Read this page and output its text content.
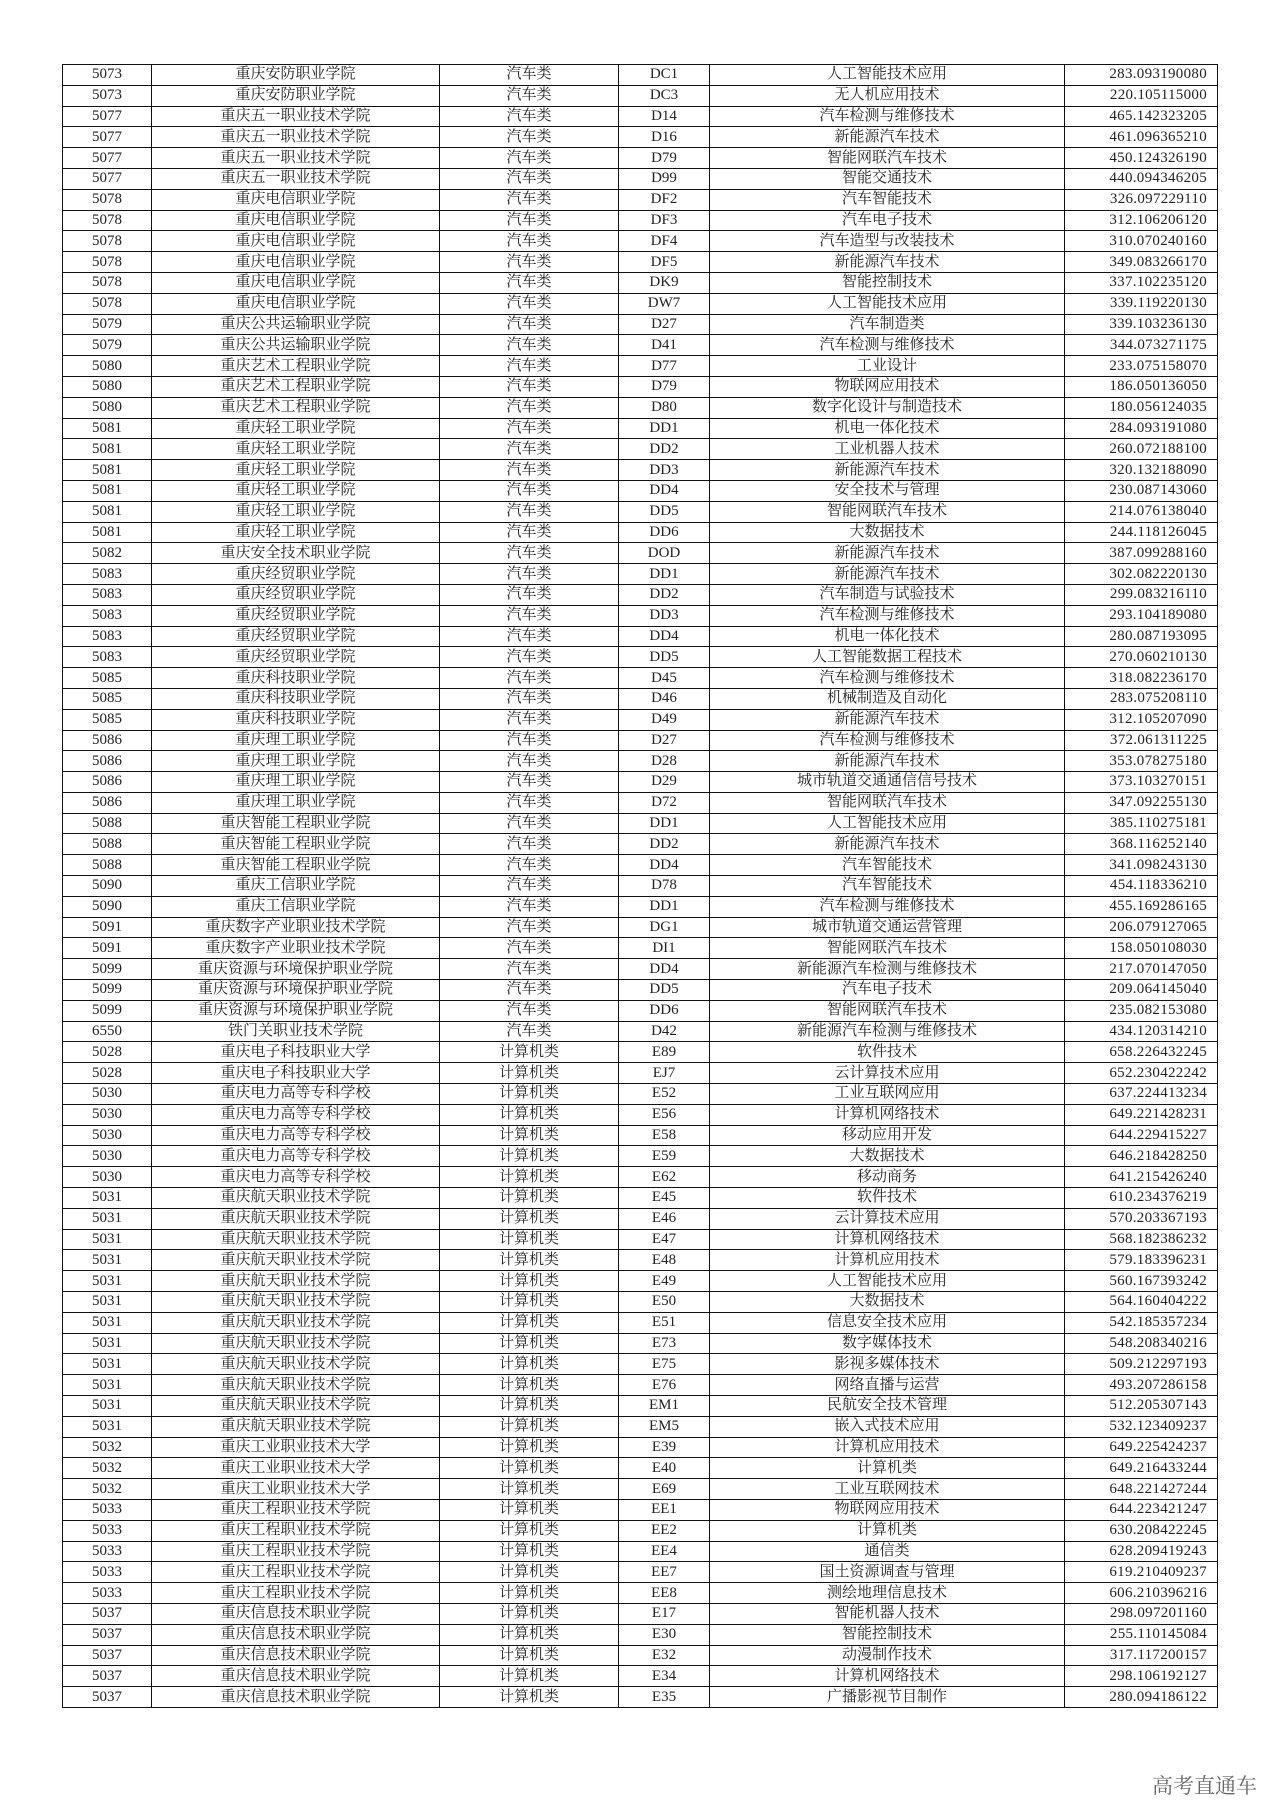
5073	重庆安防职业学院	汽车类	DC1	人工智能技术应用	283.093190080
5073	重庆安防职业学院	汽车类	DC3	无人机应用技术	220.105115000
5077	重庆五一职业技术学院	汽车类	D14	汽车检测与维修技术	465.142323205
5077	重庆五一职业技术学院	汽车类	D16	新能源汽车技术	461.096365210
5077	重庆五一职业技术学院	汽车类	D79	智能网联汽车技术	450.124326190
5077	重庆五一职业技术学院	汽车类	D99	智能交通技术	440.094346205
5078	重庆电信职业学院	汽车类	DF2	汽车智能技术	326.097229110
5078	重庆电信职业学院	汽车类	DF3	汽车电子技术	312.106206120
5078	重庆电信职业学院	汽车类	DF4	汽车造型与改装技术	310.070240160
5078	重庆电信职业学院	汽车类	DF5	新能源汽车技术	349.083266170
5078	重庆电信职业学院	汽车类	DK9	智能控制技术	337.102235120
5078	重庆电信职业学院	汽车类	DW7	人工智能技术应用	339.119220130
5079	重庆公共运输职业学院	汽车类	D27	汽车制造类	339.103236130
5079	重庆公共运输职业学院	汽车类	D41	汽车检测与维修技术	344.073271175
5080	重庆艺术工程职业学院	汽车类	D77	工业设计	233.075158070
5080	重庆艺术工程职业学院	汽车类	D79	物联网应用技术	186.050136050
5080	重庆艺术工程职业学院	汽车类	D80	数字化设计与制造技术	180.056124035
5081	重庆轻工职业学院	汽车类	DD1	机电一体化技术	284.093191080
5081	重庆轻工职业学院	汽车类	DD2	工业机器人技术	260.072188100
5081	重庆轻工职业学院	汽车类	DD3	新能源汽车技术	320.132188090
5081	重庆轻工职业学院	汽车类	DD4	安全技术与管理	230.087143060
5081	重庆轻工职业学院	汽车类	DD5	智能网联汽车技术	214.076138040
5081	重庆轻工职业学院	汽车类	DD6	大数据技术	244.118126045
5082	重庆安全技术职业学院	汽车类	DOD	新能源汽车技术	387.099288160
5083	重庆经贸职业学院	汽车类	DD1	新能源汽车技术	302.082220130
5083	重庆经贸职业学院	汽车类	DD2	汽车制造与试验技术	299.083216110
5083	重庆经贸职业学院	汽车类	DD3	汽车检测与维修技术	293.104189080
5083	重庆经贸职业学院	汽车类	DD4	机电一体化技术	280.087193095
5083	重庆经贸职业学院	汽车类	DD5	人工智能数据工程技术	270.060210130
5085	重庆科技职业学院	汽车类	D45	汽车检测与维修技术	318.082236170
5085	重庆科技职业学院	汽车类	D46	机械制造及自动化	283.075208110
5085	重庆科技职业学院	汽车类	D49	新能源汽车技术	312.105207090
5086	重庆理工职业学院	汽车类	D27	汽车检测与维修技术	372.061311225
5086	重庆理工职业学院	汽车类	D28	新能源汽车技术	353.078275180
5086	重庆理工职业学院	汽车类	D29	城市轨道交通通信信号技术	373.103270151
5086	重庆理工职业学院	汽车类	D72	智能网联汽车技术	347.092255130
5088	重庆智能工程职业学院	汽车类	DD1	人工智能技术应用	385.110275181
5088	重庆智能工程职业学院	汽车类	DD2	新能源汽车技术	368.116252140
5088	重庆智能工程职业学院	汽车类	DD4	汽车智能技术	341.098243130
5090	重庆工信职业学院	汽车类	D78	汽车智能技术	454.118336210
5090	重庆工信职业学院	汽车类	DD1	汽车检测与维修技术	455.169286165
5091	重庆数字产业职业技术学院	汽车类	DG1	城市轨道交通运营管理	206.079127065
5091	重庆数字产业职业技术学院	汽车类	DI1	智能网联汽车技术	158.050108030
5099	重庆资源与环境保护职业学院	汽车类	DD4	新能源汽车检测与维修技术	217.070147050
5099	重庆资源与环境保护职业学院	汽车类	DD5	汽车电子技术	209.064145040
5099	重庆资源与环境保护职业学院	汽车类	DD6	智能网联汽车技术	235.082153080
6550	铁门关职业技术学院	汽车类	D42	新能源汽车检测与维修技术	434.120314210
5028	重庆电子科技职业大学	计算机类	E89	软件技术	658.226432245
5028	重庆电子科技职业大学	计算机类	EJ7	云计算技术应用	652.230422242
5030	重庆电力高等专科学校	计算机类	E52	工业互联网应用	637.224413234
5030	重庆电力高等专科学校	计算机类	E56	计算机网络技术	649.221428231
5030	重庆电力高等专科学校	计算机类	E58	移动应用开发	644.229415227
5030	重庆电力高等专科学校	计算机类	E59	大数据技术	646.218428250
5030	重庆电力高等专科学校	计算机类	E62	移动商务	641.215426240
5031	重庆航天职业技术学院	计算机类	E45	软件技术	610.234376219
5031	重庆航天职业技术学院	计算机类	E46	云计算技术应用	570.203367193
5031	重庆航天职业技术学院	计算机类	E47	计算机网络技术	568.182386232
5031	重庆航天职业技术学院	计算机类	E48	计算机应用技术	579.183396231
5031	重庆航天职业技术学院	计算机类	E49	人工智能技术应用	560.167393242
5031	重庆航天职业技术学院	计算机类	E50	大数据技术	564.160404222
5031	重庆航天职业技术学院	计算机类	E51	信息安全技术应用	542.185357234
5031	重庆航天职业技术学院	计算机类	E73	数字媒体技术	548.208340216
5031	重庆航天职业技术学院	计算机类	E75	影视多媒体技术	509.212297193
5031	重庆航天职业技术学院	计算机类	E76	网络直播与运营	493.207286158
5031	重庆航天职业技术学院	计算机类	EM1	民航安全技术管理	512.205307143
5031	重庆航天职业技术学院	计算机类	EM5	嵌入式技术应用	532.123409237
5032	重庆工业职业技术大学	计算机类	E39	计算机应用技术	649.225424237
5032	重庆工业职业技术大学	计算机类	E40	计算机类	649.216433244
5032	重庆工业职业技术大学	计算机类	E69	工业互联网技术	648.221427244
5033	重庆工程职业技术学院	计算机类	EE1	物联网应用技术	644.223421247
5033	重庆工程职业技术学院	计算机类	EE2	计算机类	630.208422245
5033	重庆工程职业技术学院	计算机类	EE4	通信类	628.209419243
5033	重庆工程职业技术学院	计算机类	EE7	国土资源调查与管理	619.210409237
5033	重庆工程职业技术学院	计算机类	EE8	测绘地理信息技术	606.210396216
5037	重庆信息技术职业学院	计算机类	E17	智能机器人技术	298.097201160
5037	重庆信息技术职业学院	计算机类	E30	智能控制技术	255.110145084
5037	重庆信息技术职业学院	计算机类	E32	动漫制作技术	317.117200157
5037	重庆信息技术职业学院	计算机类	E34	计算机网络技术	298.106192127
5037	重庆信息技术职业学院	计算机类	E35	广播影视节目制作	280.094186122
高考直通车
